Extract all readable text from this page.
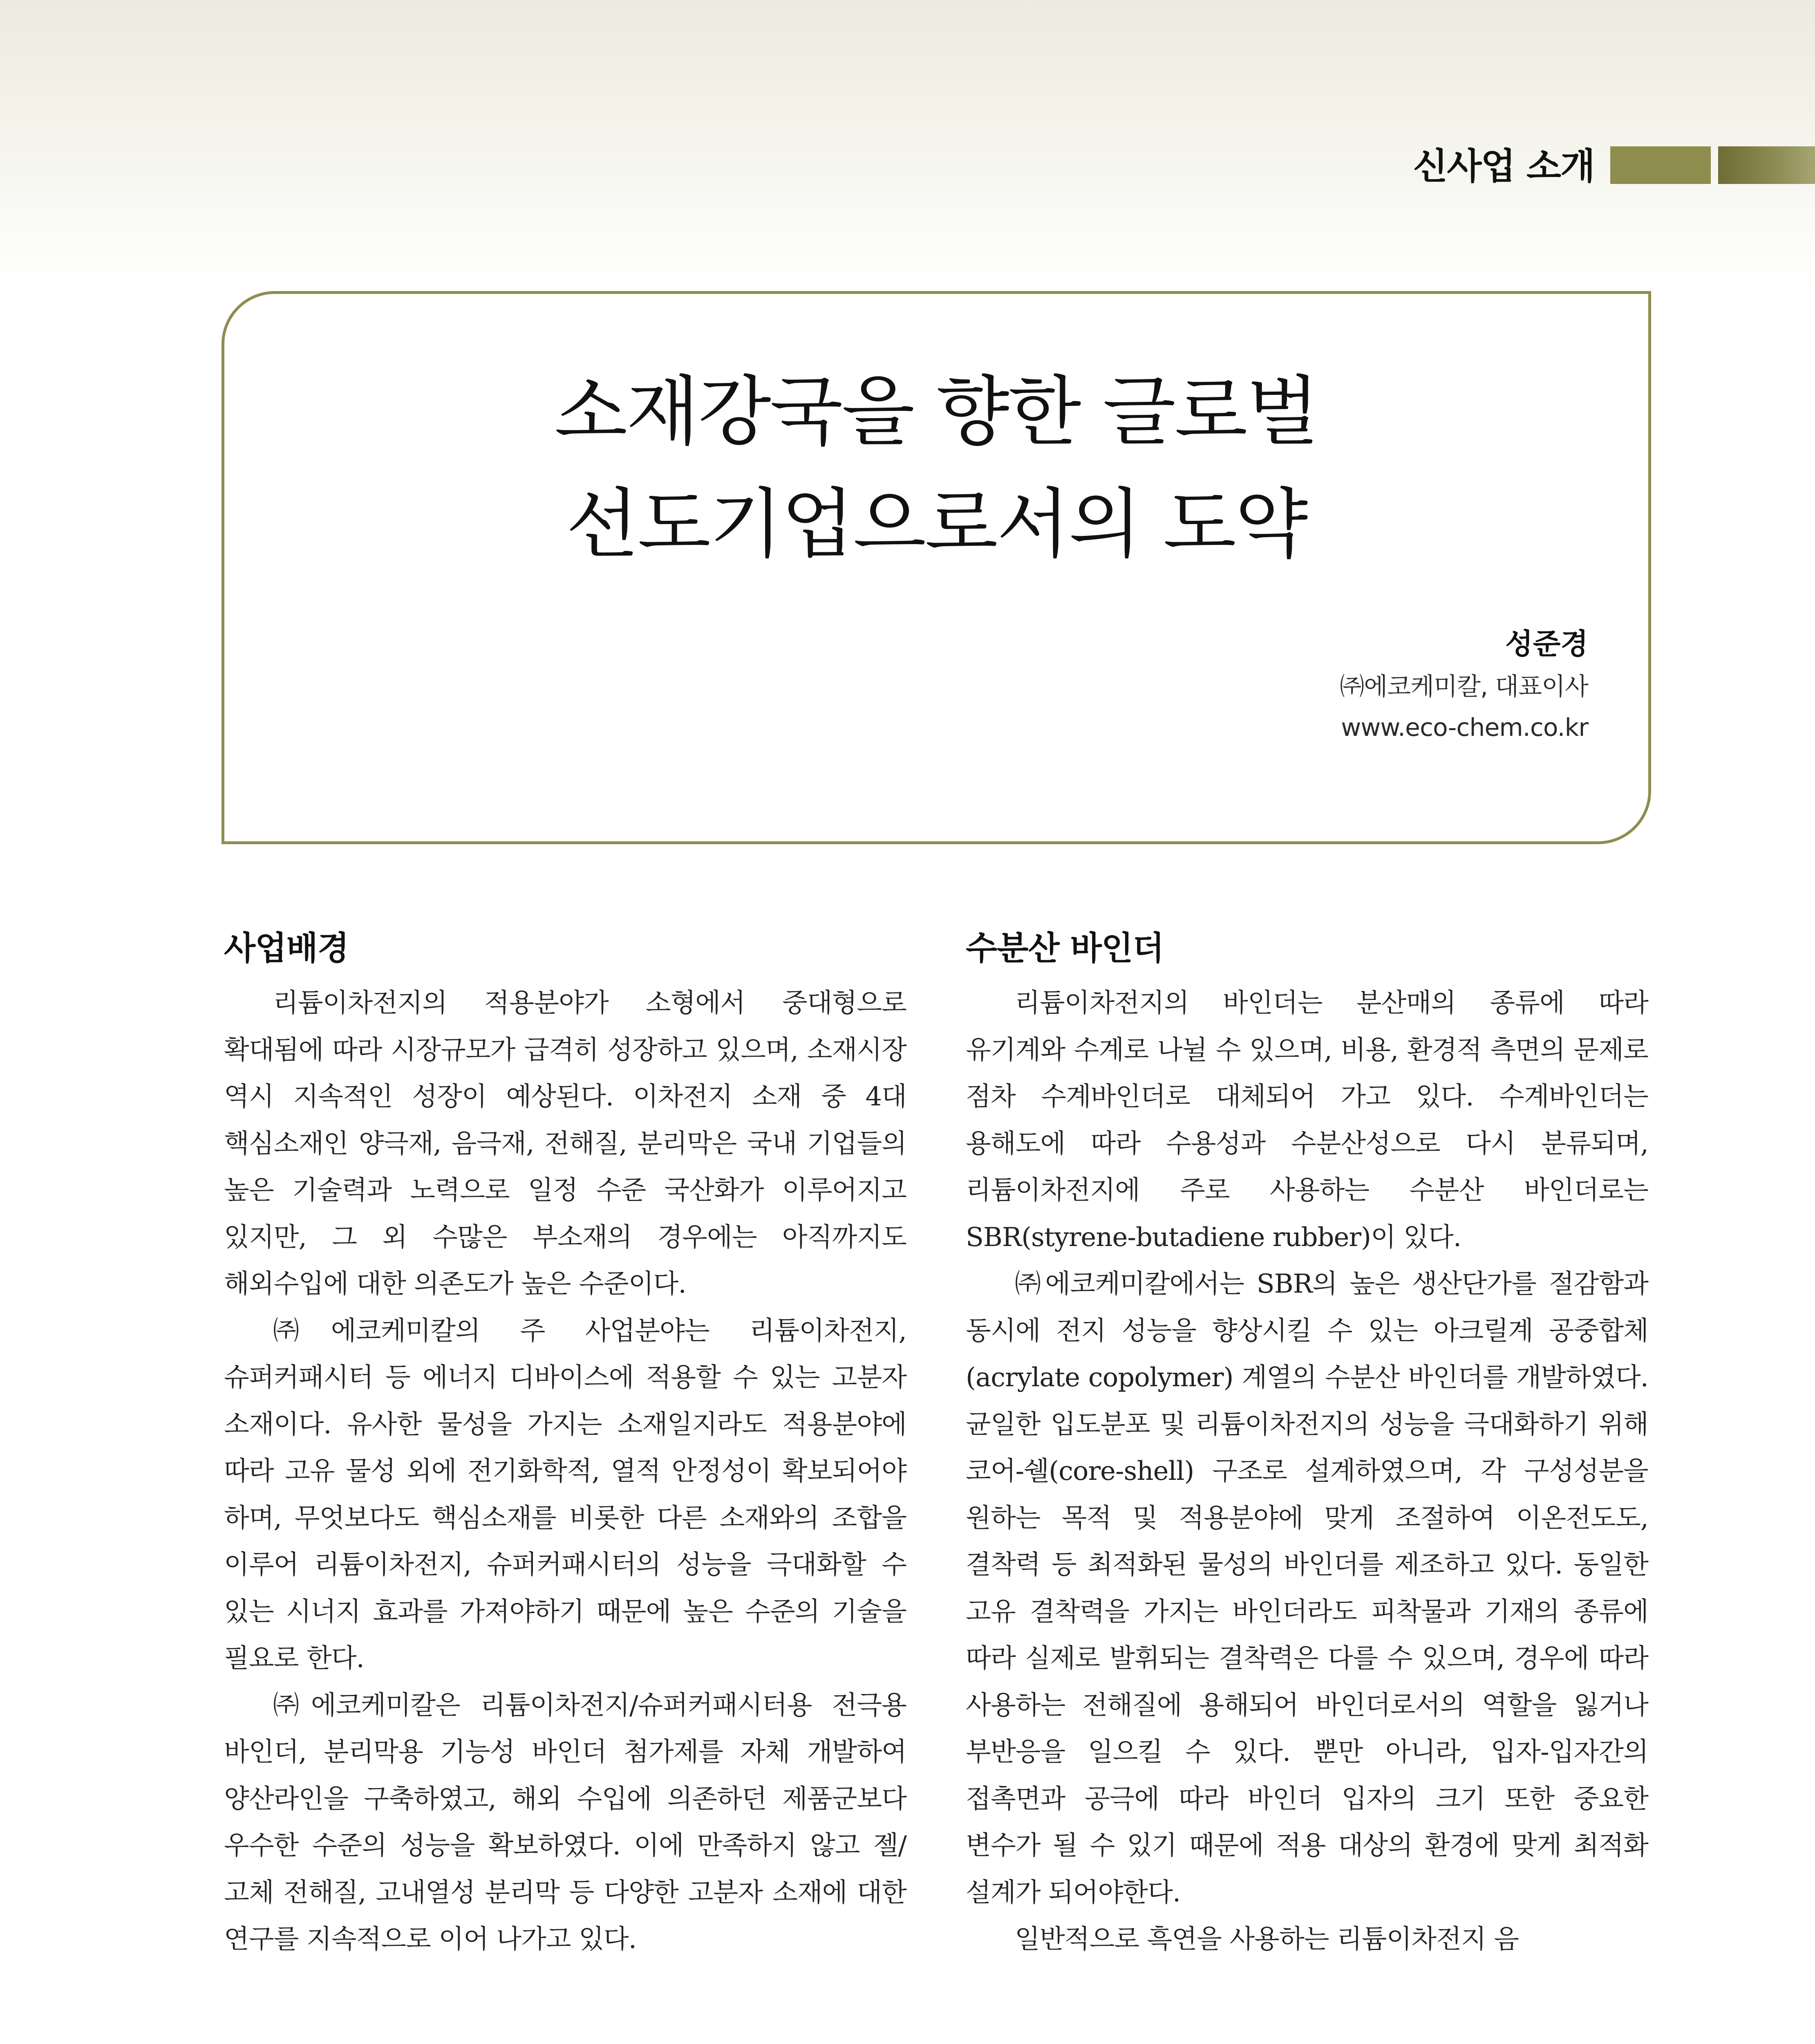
신사업 소개
소재강국을 향한 글로벌
선도기업으로서의 도약
성준경
㈜에코케미칼, 대표이사
www.eco-chem.co.kr
사업배경

리튬이차전지의 적용분야가 소형에서 중대형으로 확대됨에 따라 시장규모가 급격히 성장하고 있으며, 소재시장 역시 지속적인 성장이 예상된다. 이차전지 소재 중 4대 핵심소재인 양극재, 음극재, 전해질, 분리막은 국내 기업들의 높은 기술력과 노력으로 일정 수준 국산화가 이루어지고 있지만, 그 외 수많은 부소재의 경우에는 아직까지도 해외수입에 대한 의존도가 높은 수준이다.

㈜에코케미칼의 주 사업분야는 리튬이차전지, 슈퍼커패시터 등 에너지 디바이스에 적용할 수 있는 고분자 소재이다. 유사한 물성을 가지는 소재일지라도 적용분야에 따라 고유 물성 외에 전기화학적, 열적 안정성이 확보되어야 하며, 무엇보다도 핵심소재를 비롯한 다른 소재와의 조합을 이루어 리튬이차전지, 슈퍼커패시터의 성능을 극대화할 수 있는 시너지 효과를 가져야하기 때문에 높은 수준의 기술을 필요로 한다.

㈜에코케미칼은 리튬이차전지/슈퍼커패시터용 전극용 바인더, 분리막용 기능성 바인더 첨가제를 자체 개발하여 양산라인을 구축하였고, 해외 수입에 의존하던 제품군보다 우수한 수준의 성능을 확보하였다. 이에 만족하지 않고 젤/고체 전해질, 고내열성 분리막 등 다양한 고분자 소재에 대한 연구를 지속적으로 이어 나가고 있다.

수분산 바인더

리튬이차전지의 바인더는 분산매의 종류에 따라 유기계와 수계로 나뉠 수 있으며, 비용, 환경적 측면의 문제로 점차 수계바인더로 대체되어 가고 있다. 수계바인더는 용해도에 따라 수용성과 수분산성으로 다시 분류되며, 리튬이차전지에 주로 사용하는 수분산 바인더로는 SBR(styrene-butadiene rubber)이 있다.

㈜에코케미칼에서는 SBR의 높은 생산단가를 절감함과 동시에 전지 성능을 향상시킬 수 있는 아크릴계 공중합체(acrylate copolymer) 계열의 수분산 바인더를 개발하였다. 균일한 입도분포 및 리튬이차전지의 성능을 극대화하기 위해 코어-쉘(core-shell) 구조로 설계하였으며, 각 구성성분을 원하는 목적 및 적용분야에 맞게 조절하여 이온전도도, 결착력 등 최적화된 물성의 바인더를 제조하고 있다. 동일한 고유 결착력을 가지는 바인더라도 피착물과 기재의 종류에 따라 실제로 발휘되는 결착력은 다를 수 있으며, 경우에 따라 사용하는 전해질에 용해되어 바인더로서의 역할을 잃거나 부반응을 일으킬 수 있다. 뿐만 아니라, 입자-입자간의 접촉면과 공극에 따라 바인더 입자의 크기 또한 중요한 변수가 될 수 있기 때문에 적용 대상의 환경에 맞게 최적화 설계가 되어야한다.

일반적으로 흑연을 사용하는 리튬이차전지 음
